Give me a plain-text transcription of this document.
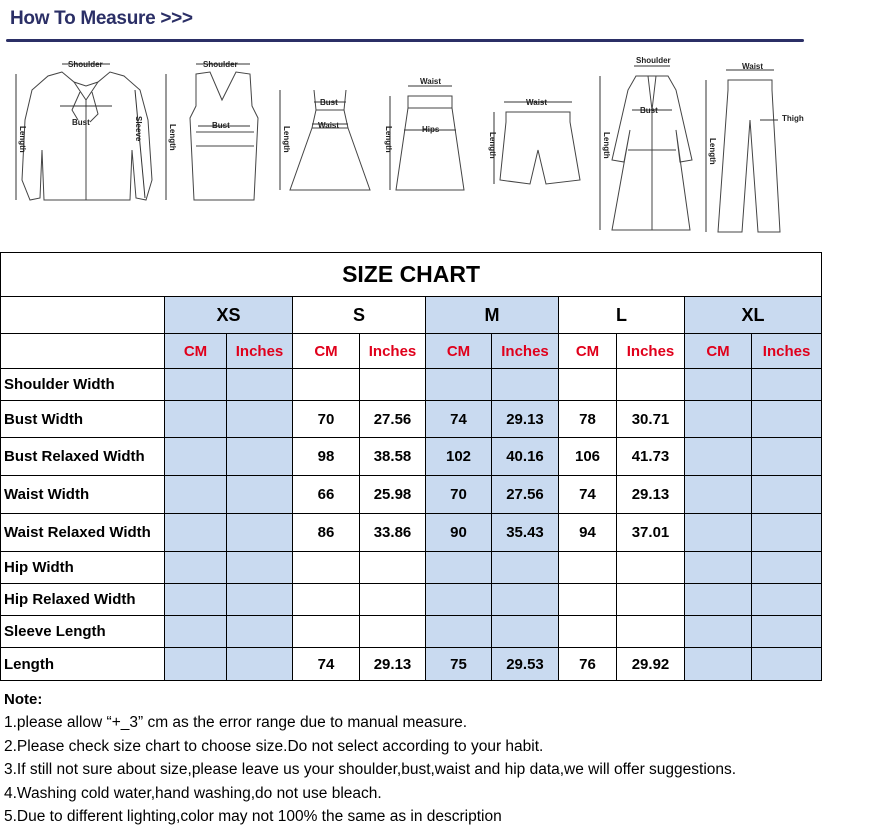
How To Measure >>>
Shoulder
Bust
Length	Sleeve
Shoulder
Bust
Length
Bust
Waist
Length
Waist
Hips
Length
Waist
Length
Shoulder
Bust
Length
Waist
Thigh
Length
SIZE CHART										
	XS		S		M		L		XL	
	CM	Inches	CM	Inches	CM	Inches	CM	Inches	CM	Inches
Shoulder Width										
Bust Width			70	27.56	74	29.13	78	30.71		
Bust Relaxed Width			98	38.58	102	40.16	106	41.73		
Waist Width			66	25.98	70	27.56	74	29.13		
Waist Relaxed Width			86	33.86	90	35.43	94	37.01		
Hip Width										
Hip Relaxed Width										
Sleeve Length										
Length			74	29.13	75	29.53	76	29.92		
Note:
1.please allow “+_3” cm as the error range due to manual measure.
2.Please check size chart to choose size.Do not select according to your habit.
3.If still not sure about size,please leave us your shoulder,bust,waist and hip data,we will offer suggestions.
4.Washing cold water,hand washing,do not use bleach.
5.Due to different lighting,color may not 100% the same as in description
